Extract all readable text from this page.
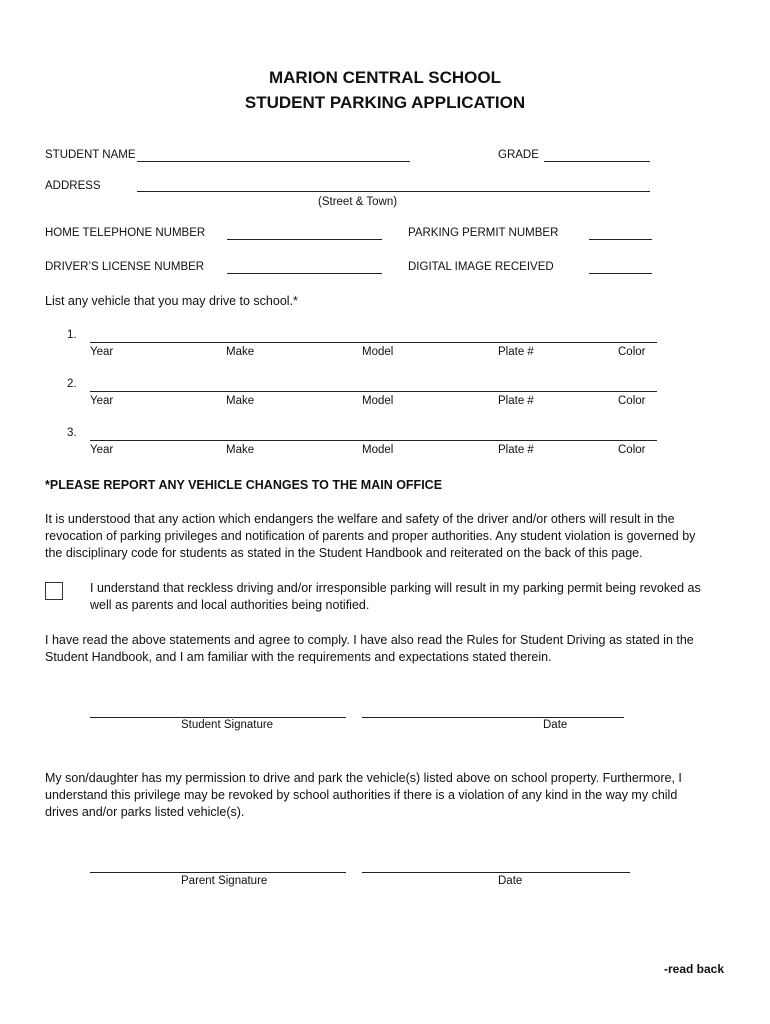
MARION CENTRAL SCHOOL
STUDENT PARKING APPLICATION
STUDENT NAME	GRADE
ADDRESS
(Street & Town)
HOME TELEPHONE NUMBER	PARKING PERMIT NUMBER
DRIVER’S LICENSE NUMBER	DIGITAL IMAGE RECEIVED
List any vehicle that you may drive to school.*
1.
Year	Make	Model	Plate #	Color
2.
Year	Make	Model	Plate #	Color
3.
Year	Make	Model	Plate #	Color
*PLEASE REPORT ANY VEHICLE CHANGES TO THE MAIN OFFICE
It is understood that any action which endangers the welfare and safety of the driver and/or others will result in the revocation of parking privileges and notification of parents and proper authorities. Any student violation is governed by the disciplinary code for students as stated in the Student Handbook and reiterated on the back of this page.
I understand that reckless driving and/or irresponsible parking will result in my parking permit being revoked as well as parents and local authorities being notified.
I have read the above statements and agree to comply. I have also read the Rules for Student Driving as stated in the Student Handbook, and I am familiar with the requirements and expectations stated therein.
Student Signature	Date
My son/daughter has my permission to drive and park the vehicle(s) listed above on school property. Furthermore, I understand this privilege may be revoked by school authorities if there is a violation of any kind in the way my child drives and/or parks listed vehicle(s).
Parent Signature	Date
-read back
